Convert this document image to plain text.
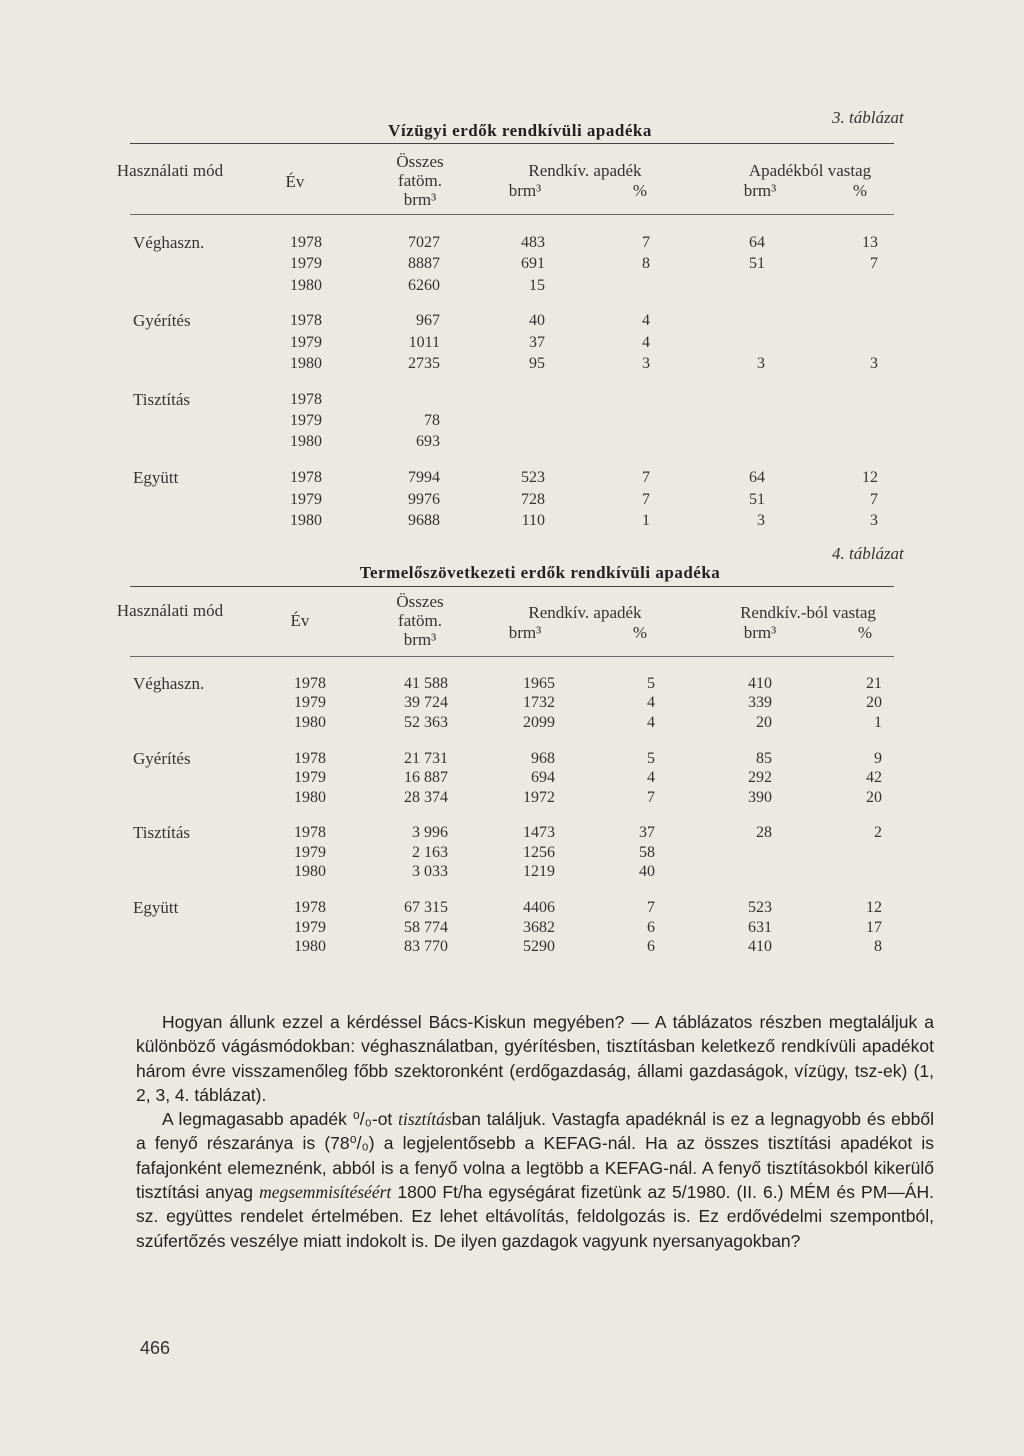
3. táblázat
Vízügyi erdők rendkívüli apadéka
Használati mód
Év
Összes
fatöm.
brm³
Rendkív. apadék
brm³	%
Apadékból vastag
brm³	%
Véghaszn.	1978	7027	483	7	64	13
1979	8887	691	8	51	7
1980	6260	15
Gyérítés	1978	967	40	4
1979	1011	37	4
1980	2735	95	3	3	3
Tisztítás	1978
1979	78
1980	693
Együtt	1978	7994	523	7	64	12
1979	9976	728	7	51	7
1980	9688	110	1	3	3
4. táblázat
Termelőszövetkezeti erdők rendkívüli apadéka
Használati mód
Év
Összes
fatöm.
brm³
Rendkív. apadék
brm³	%
Rendkív.-ból vastag
brm³	%
Véghaszn.	1978	41 588	1965	5	410	21
1979	39 724	1732	4	339	20
1980	52 363	2099	4	20	1
Gyérítés	1978	21 731	968	5	85	9
1979	16 887	694	4	292	42
1980	28 374	1972	7	390	20
Tisztítás	1978	3 996	1473	37	28	2
1979	2 163	1256	58
1980	3 033	1219	40
Együtt	1978	67 315	4406	7	523	12
1979	58 774	3682	6	631	17
1980	83 770	5290	6	410	8

Hogyan állunk ezzel a kérdéssel Bács-Kiskun megyében? — A táblázatos részben megtaláljuk a különböző vágásmódokban: véghasználatban, gyérítésben, tisztításban keletkező rendkívüli apadékot három évre visszamenőleg főbb szektoronként (erdőgazdaság, állami gazdaságok, vízügy, tsz-ek) (1, 2, 3, 4. táblázat).

A legmagasabb apadék ⁰/₀-ot tisztításban találjuk. Vastagfa apadéknál is ez a legnagyobb és ebből a fenyő részaránya is (78⁰/₀) a legjelentősebb a KEFAG-nál. Ha az összes tisztítási apadékot is fafajonként elemeznénk, abból is a fenyő volna a legtöbb a KEFAG-nál. A fenyő tisztításokból kikerülő tisztítási anyag megsemmisítéséért 1800 Ft/ha egységárat fizetünk az 5/1980. (II. 6.) MÉM és PM—ÁH. sz. együttes rendelet értelmében. Ez lehet eltávolítás, feldolgozás is. Ez erdővédelmi szempontból, szúfertőzés veszélye miatt indokolt is. De ilyen gazdagok vagyunk nyersanyagokban?

466
